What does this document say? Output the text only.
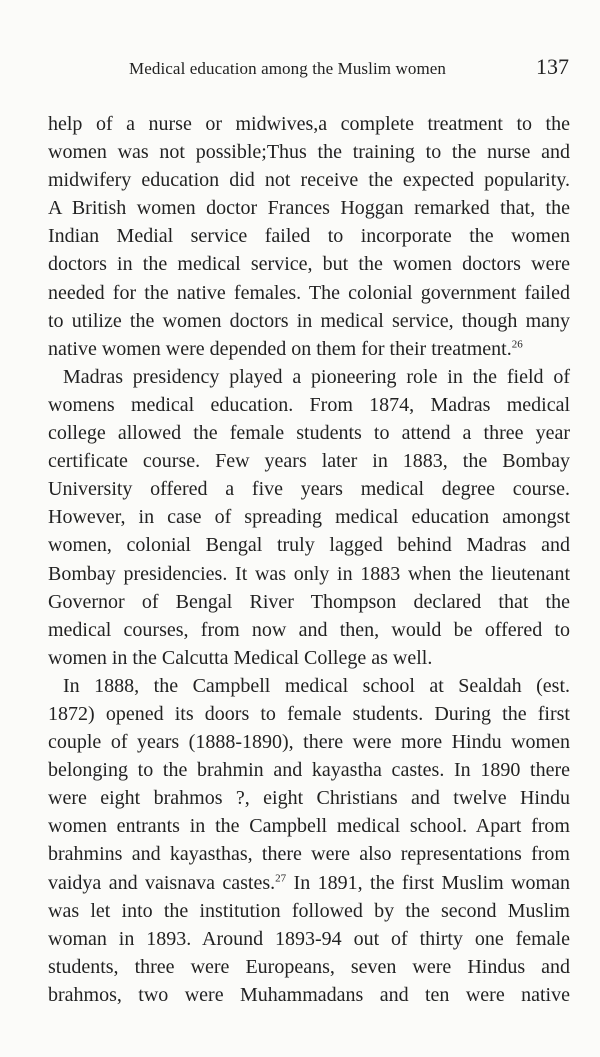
Medical education among the Muslim women	137

help of a nurse or midwives,a complete treatment to the
women was not possible;Thus the training to the nurse and
midwifery education did not receive the expected popularity.
A British women doctor Frances Hoggan remarked that, the
Indian Medial service failed to incorporate the women
doctors in the medical service, but the women doctors were
needed for the native females. The colonial government failed
to utilize the women doctors in medical service, though many
native women were depended on them for their treatment.$^{26}$

Madras presidency played a pioneering role in the field of
womens medical education. From 1874, Madras medical
college allowed the female students to attend a three year
certificate course. Few years later in 1883, the Bombay
University offered a five years medical degree course.
However, in case of spreading medical education amongst
women, colonial Bengal truly lagged behind Madras and
Bombay presidencies. It was only in 1883 when the lieutenant
Governor of Bengal River Thompson declared that the
medical courses, from now and then, would be offered to
women in the Calcutta Medical College as well.

In 1888, the Campbell medical school at Sealdah (est.
1872) opened its doors to female students. During the first
couple of years (1888-1890), there were more Hindu women
belonging to the brahmin and kayastha castes. In 1890 there
were eight brahmos ?, eight Christians and twelve Hindu
women entrants in the Campbell medical school. Apart from
brahmins and kayasthas, there were also representations from
vaidya and vaisnava castes.$^{27}$ In 1891, the first Muslim woman
was let into the institution followed by the second Muslim
woman in 1893. Around 1893-94 out of thirty one female
students, three were Europeans, seven were Hindus and
brahmos, two were Muhammadans and ten were native
